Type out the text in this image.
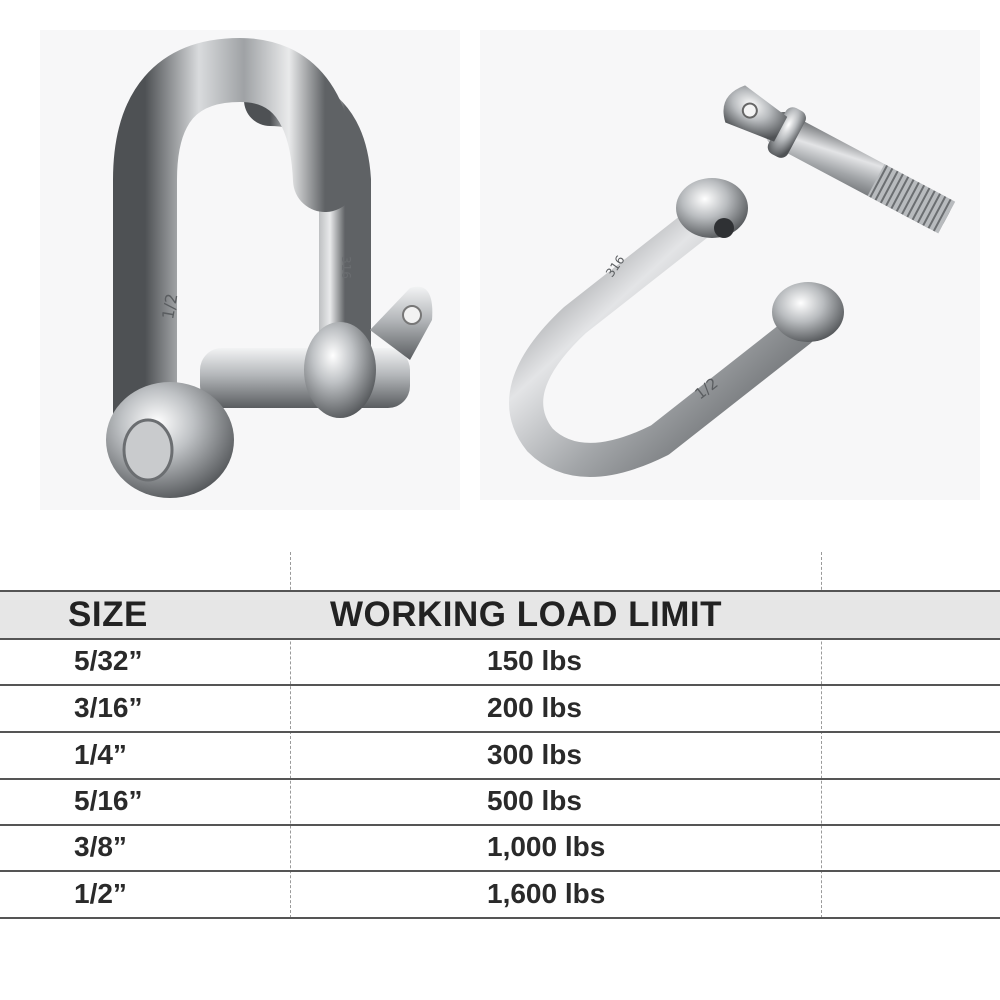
1/2
316	316
1/2
SIZE	WORKING LOAD LIMIT
5/32”	150 lbs
3/16”	200 lbs
1/4”	300 lbs
5/16”	500 lbs
3/8”	1,000 lbs
1/2”	1,600 lbs
